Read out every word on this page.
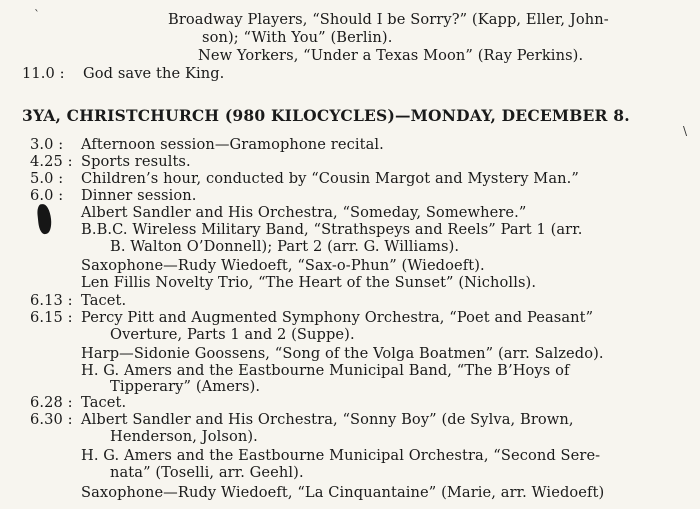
ˋ
\
Broadway Players, “Should I be Sorry?” (Kapp, Eller, John-
son); “With You” (Berlin).
New Yorkers, “Under a Texas Moon” (Ray Perkins).
11.0 : God save the King.
3YA, CHRISTCHURCH (980 KILOCYCLES)—MONDAY, DECEMBER 8.
3.0 :
4.25 :
5.0 :
6.0 :
6.13 :
6.15 :
6.28 :
6.30 :
Afternoon session—Gramophone recital.
Sports results.
Children’s hour, conducted by “Cousin Margot and Mystery Man.”
Dinner session.
Albert Sandler and His Orchestra, “Someday, Somewhere.”
B.B.C. Wireless Military Band, “Strathspeys and Reels” Part 1 (arr.
B. Walton O’Donnell); Part 2 (arr. G. Williams).
Saxophone—Rudy Wiedoeft, “Sax-o-Phun” (Wiedoeft).
Len Fillis Novelty Trio, “The Heart of the Sunset” (Nicholls).
Tacet.
Percy Pitt and Augmented Symphony Orchestra, “Poet and Peasant”
Overture, Parts 1 and 2 (Suppe).
Harp—Sidonie Goossens, “Song of the Volga Boatmen” (arr. Salzedo).
H. G. Amers and the Eastbourne Municipal Band, “The B’Hoys of
Tipperary” (Amers).
Tacet.
Albert Sandler and His Orchestra, “Sonny Boy” (de Sylva, Brown,
Henderson, Jolson).
H. G. Amers and the Eastbourne Municipal Orchestra, “Second Sere-
nata” (Toselli, arr. Geehl).
Saxophone—Rudy Wiedoeft, “La Cinquantaine” (Marie, arr. Wiedoeft)
